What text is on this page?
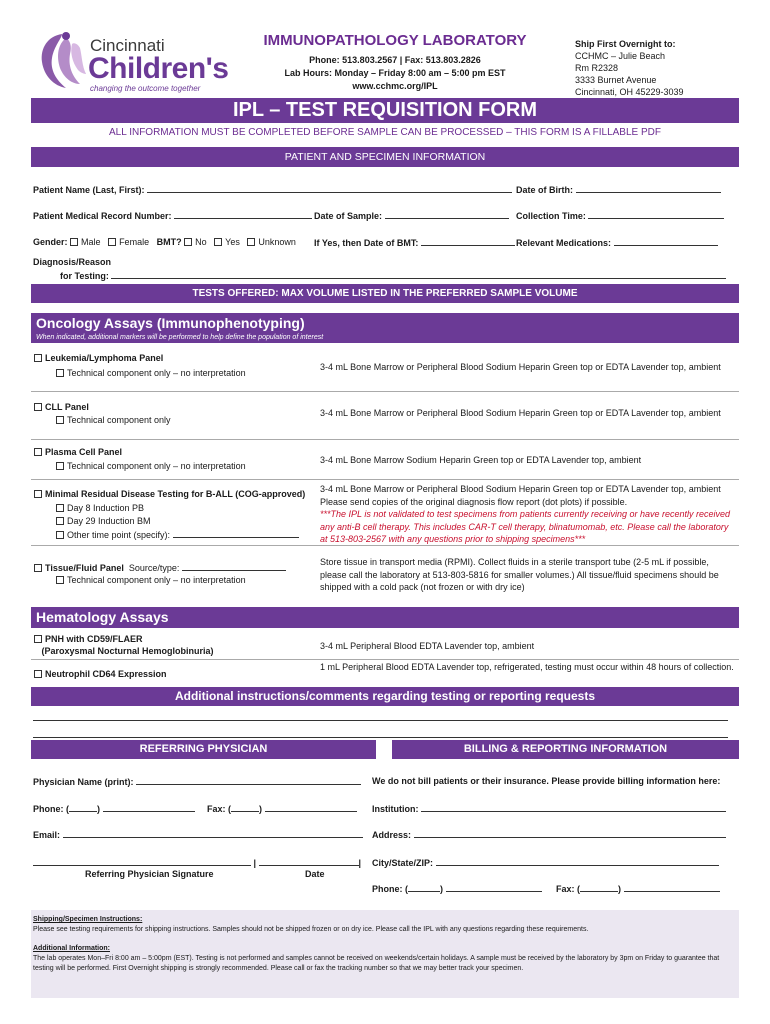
Cincinnati
Children's
changing the outcome together
IMMUNOPATHOLOGY LABORATORY
Phone: 513.803.2567 | Fax: 513.803.2826
Lab Hours: Monday – Friday 8:00 am – 5:00 pm EST
www.cchmc.org/IPL
Ship First Overnight to:
CCHMC – Julie Beach
Rm R2328
3333 Burnet Avenue
Cincinnati, OH 45229-3039
IPL – TEST REQUISITION FORM
ALL INFORMATION MUST BE COMPLETED BEFORE SAMPLE CAN BE PROCESSED – THIS FORM IS A FILLABLE PDF
PATIENT AND SPECIMEN INFORMATION
Patient Name (Last, First):	Date of Birth:
Patient Medical Record Number:	Date of Sample:	Collection Time:
Gender: Male Female BMT? No Yes Unknown If Yes, then Date of BMT:	Relevant Medications:
Diagnosis/Reason
for Testing:
TESTS OFFERED: MAX VOLUME LISTED IN THE PREFERRED SAMPLE VOLUME
Oncology Assays (Immunophenotyping)
When indicated, additional markers will be performed to help define the population of interest
Leukemia/Lymphoma Panel
Technical component only – no interpretation
3-4 mL Bone Marrow or Peripheral Blood Sodium Heparin Green top or EDTA Lavender top, ambient
CLL Panel
Technical component only
3-4 mL Bone Marrow or Peripheral Blood Sodium Heparin Green top or EDTA Lavender top, ambient
Plasma Cell Panel
Technical component only – no interpretation
3-4 mL Bone Marrow Sodium Heparin Green top or EDTA Lavender top, ambient
Minimal Residual Disease Testing for B-ALL (COG-approved)
Day 8 Induction PB
Day 29 Induction BM
Other time point (specify):
3-4 mL Bone Marrow or Peripheral Blood Sodium Heparin Green top or EDTA Lavender top, ambient
Please send copies of the original diagnosis flow report (dot plots) if possible.
***The IPL is not validated to test specimens from patients currently receiving or have recently received any anti-B cell therapy. This includes CAR-T cell therapy, blinatumomab, etc. Please call the laboratory at 513-803-2567 with any questions prior to shipping specimens***
Tissue/Fluid Panel Source/type:
Technical component only – no interpretation
Store tissue in transport media (RPMI). Collect fluids in a sterile transport tube (2-5 mL if possible, please call the laboratory at 513-803-5816 for smaller volumes.) All tissue/fluid specimens should be shipped with a cold pack (not frozen or with dry ice)
Hematology Assays
PNH with CD59/FLAER
(Paroxysmal Nocturnal Hemoglobinuria)	3-4 mL Peripheral Blood EDTA Lavender top, ambient
Neutrophil CD64 Expression
1 mL Peripheral Blood EDTA Lavender top, refrigerated, testing must occur within 48 hours of collection.
Additional instructions/comments regarding testing or reporting requests
REFERRING PHYSICIAN	BILLING & REPORTING INFORMATION
Physician Name (print):
Phone: (	)	Fax: (	)
Email:
|	|
Referring Physician Signature	Date
We do not bill patients or their insurance. Please provide billing information here:
Institution:
Address:
City/State/ZIP:
Phone: (	)	Fax: (	)
Shipping/Specimen Instructions:
Please see testing requirements for shipping instructions. Samples should not be shipped frozen or on dry ice. Please call the IPL with any questions regarding these requirements.
Additional Information:
The lab operates Mon–Fri 8:00 am – 5:00pm (EST). Testing is not performed and samples cannot be received on weekends/certain holidays. A sample must be received by the laboratory by 3pm on Friday to guarantee that testing will be performed. First Overnight shipping is strongly recommended. Please call or fax the tracking number so that we may better track your specimen.
